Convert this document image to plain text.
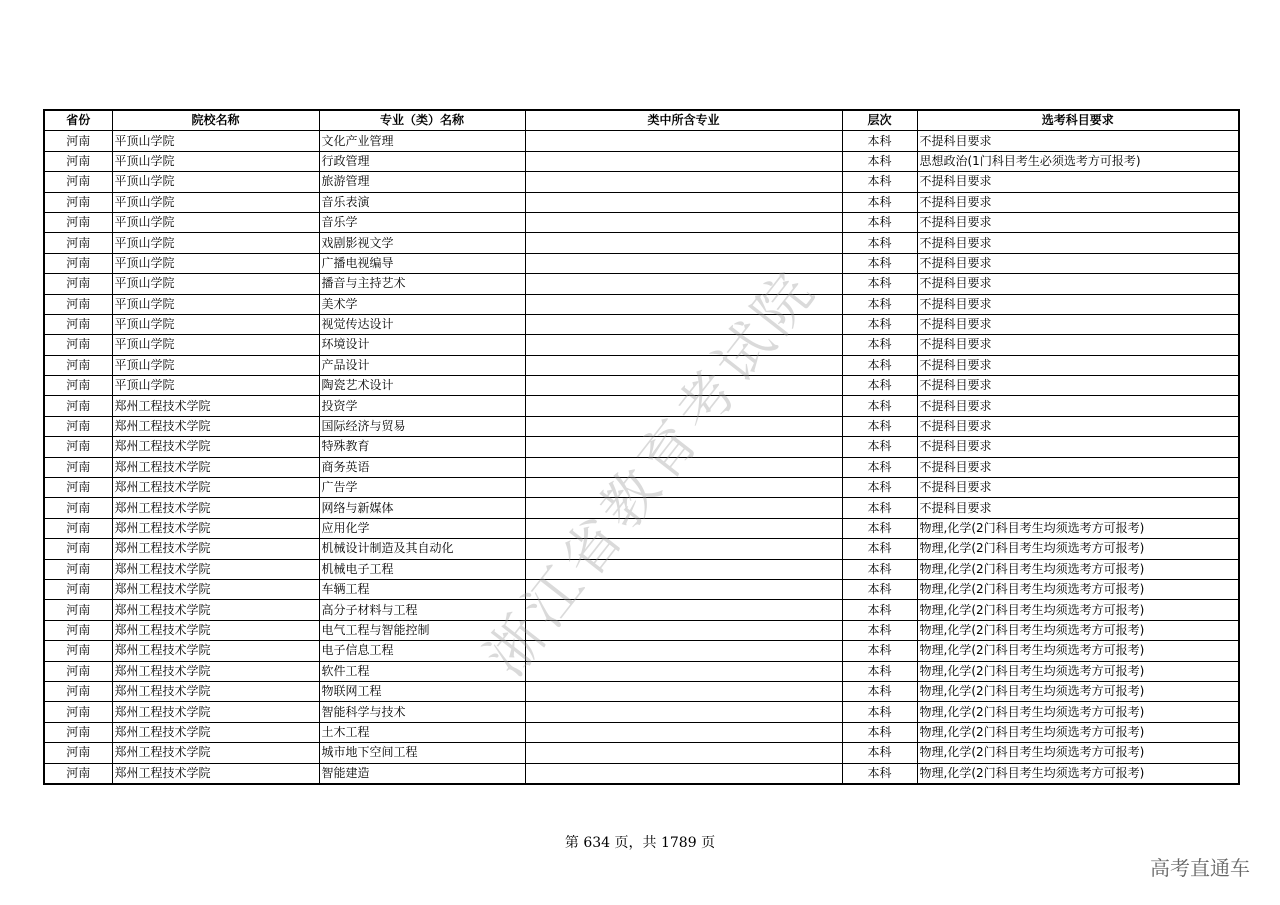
省份	院校名称	专业（类）名称	类中所含专业	层次	选考科目要求
河南	平顶山学院	文化产业管理		本科	不提科目要求
河南	平顶山学院	行政管理		本科	思想政治(1门科目考生必须选考方可报考)
河南	平顶山学院	旅游管理		本科	不提科目要求
河南	平顶山学院	音乐表演		本科	不提科目要求
河南	平顶山学院	音乐学		本科	不提科目要求
河南	平顶山学院	戏剧影视文学		本科	不提科目要求
河南	平顶山学院	广播电视编导		本科	不提科目要求
河南	平顶山学院	播音与主持艺术		本科	不提科目要求
河南	平顶山学院	美术学		本科	不提科目要求
河南	平顶山学院	视觉传达设计		本科	不提科目要求
河南	平顶山学院	环境设计		本科	不提科目要求
河南	平顶山学院	产品设计		本科	不提科目要求
河南	平顶山学院	陶瓷艺术设计		本科	不提科目要求
河南	郑州工程技术学院	投资学		本科	不提科目要求
河南	郑州工程技术学院	国际经济与贸易		本科	不提科目要求
河南	郑州工程技术学院	特殊教育		本科	不提科目要求
河南	郑州工程技术学院	商务英语		本科	不提科目要求
河南	郑州工程技术学院	广告学		本科	不提科目要求
河南	郑州工程技术学院	网络与新媒体		本科	不提科目要求
河南	郑州工程技术学院	应用化学		本科	物理,化学(2门科目考生均须选考方可报考)
河南	郑州工程技术学院	机械设计制造及其自动化		本科	物理,化学(2门科目考生均须选考方可报考)
河南	郑州工程技术学院	机械电子工程		本科	物理,化学(2门科目考生均须选考方可报考)
河南	郑州工程技术学院	车辆工程		本科	物理,化学(2门科目考生均须选考方可报考)
河南	郑州工程技术学院	高分子材料与工程		本科	物理,化学(2门科目考生均须选考方可报考)
河南	郑州工程技术学院	电气工程与智能控制		本科	物理,化学(2门科目考生均须选考方可报考)
河南	郑州工程技术学院	电子信息工程		本科	物理,化学(2门科目考生均须选考方可报考)
河南	郑州工程技术学院	软件工程		本科	物理,化学(2门科目考生均须选考方可报考)
河南	郑州工程技术学院	物联网工程		本科	物理,化学(2门科目考生均须选考方可报考)
河南	郑州工程技术学院	智能科学与技术		本科	物理,化学(2门科目考生均须选考方可报考)
河南	郑州工程技术学院	土木工程		本科	物理,化学(2门科目考生均须选考方可报考)
河南	郑州工程技术学院	城市地下空间工程		本科	物理,化学(2门科目考生均须选考方可报考)
河南	郑州工程技术学院	智能建造		本科	物理,化学(2门科目考生均须选考方可报考)
浙江省教育考试院
第 634 页，共 1789 页
高考直通车
